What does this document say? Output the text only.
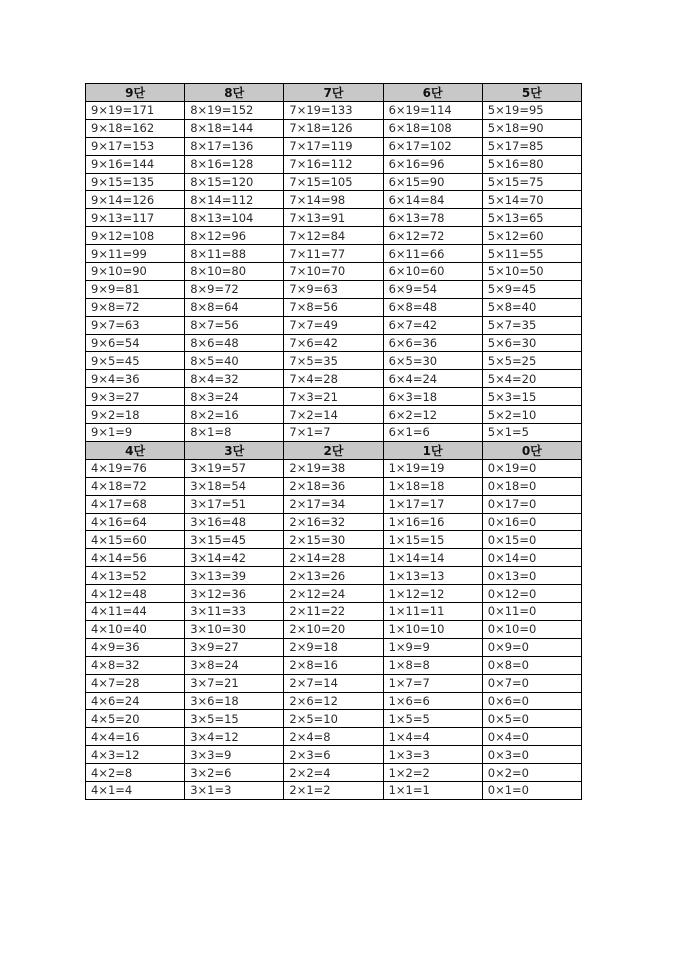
9단	8단	7단	6단	5단
9×19=171	8×19=152	7×19=133	6×19=114	5×19=95
9×18=162	8×18=144	7×18=126	6×18=108	5×18=90
9×17=153	8×17=136	7×17=119	6×17=102	5×17=85
9×16=144	8×16=128	7×16=112	6×16=96	5×16=80
9×15=135	8×15=120	7×15=105	6×15=90	5×15=75
9×14=126	8×14=112	7×14=98	6×14=84	5×14=70
9×13=117	8×13=104	7×13=91	6×13=78	5×13=65
9×12=108	8×12=96	7×12=84	6×12=72	5×12=60
9×11=99	8×11=88	7×11=77	6×11=66	5×11=55
9×10=90	8×10=80	7×10=70	6×10=60	5×10=50
9×9=81	8×9=72	7×9=63	6×9=54	5×9=45
9×8=72	8×8=64	7×8=56	6×8=48	5×8=40
9×7=63	8×7=56	7×7=49	6×7=42	5×7=35
9×6=54	8×6=48	7×6=42	6×6=36	5×6=30
9×5=45	8×5=40	7×5=35	6×5=30	5×5=25
9×4=36	8×4=32	7×4=28	6×4=24	5×4=20
9×3=27	8×3=24	7×3=21	6×3=18	5×3=15
9×2=18	8×2=16	7×2=14	6×2=12	5×2=10
9×1=9	8×1=8	7×1=7	6×1=6	5×1=5
4단	3단	2단	1단	0단
4×19=76	3×19=57	2×19=38	1×19=19	0×19=0
4×18=72	3×18=54	2×18=36	1×18=18	0×18=0
4×17=68	3×17=51	2×17=34	1×17=17	0×17=0
4×16=64	3×16=48	2×16=32	1×16=16	0×16=0
4×15=60	3×15=45	2×15=30	1×15=15	0×15=0
4×14=56	3×14=42	2×14=28	1×14=14	0×14=0
4×13=52	3×13=39	2×13=26	1×13=13	0×13=0
4×12=48	3×12=36	2×12=24	1×12=12	0×12=0
4×11=44	3×11=33	2×11=22	1×11=11	0×11=0
4×10=40	3×10=30	2×10=20	1×10=10	0×10=0
4×9=36	3×9=27	2×9=18	1×9=9	0×9=0
4×8=32	3×8=24	2×8=16	1×8=8	0×8=0
4×7=28	3×7=21	2×7=14	1×7=7	0×7=0
4×6=24	3×6=18	2×6=12	1×6=6	0×6=0
4×5=20	3×5=15	2×5=10	1×5=5	0×5=0
4×4=16	3×4=12	2×4=8	1×4=4	0×4=0
4×3=12	3×3=9	2×3=6	1×3=3	0×3=0
4×2=8	3×2=6	2×2=4	1×2=2	0×2=0
4×1=4	3×1=3	2×1=2	1×1=1	0×1=0
